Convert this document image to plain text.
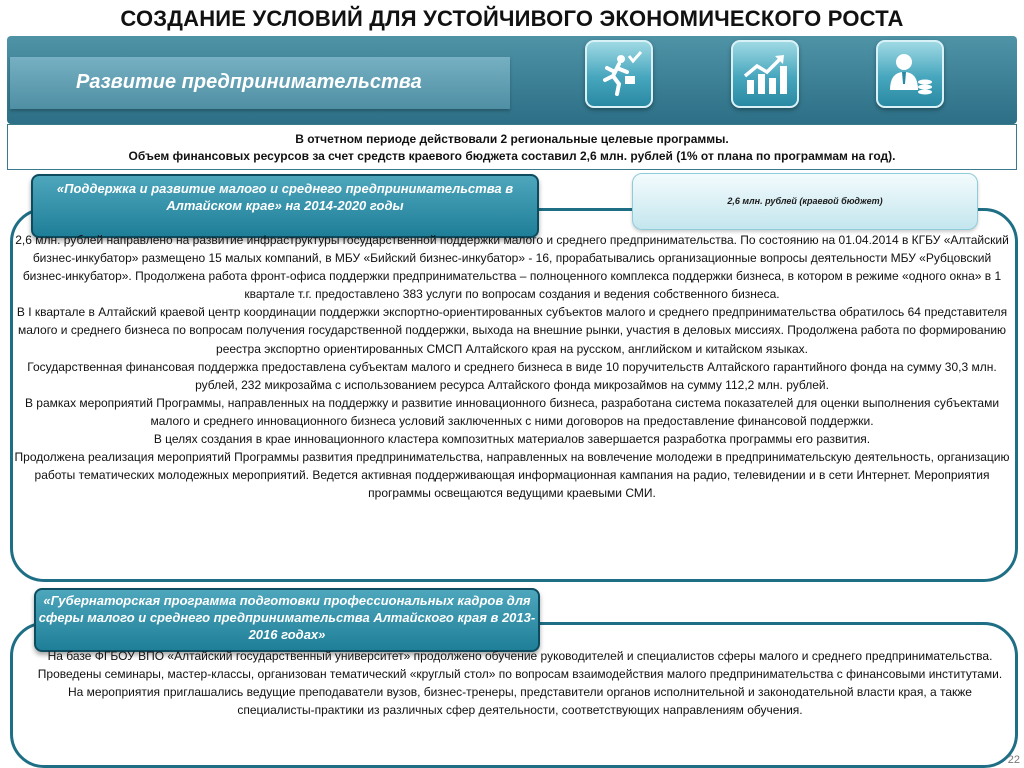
СОЗДАНИЕ УСЛОВИЙ ДЛЯ УСТОЙЧИВОГО ЭКОНОМИЧЕСКОГО РОСТА
Развитие предпринимательства
В отчетном периоде действовали 2 региональные целевые программы.
Объем финансовых ресурсов за счет средств краевого бюджета составил 2,6 млн. рублей (1% от плана по программам на год).
«Поддержка и развитие малого и среднего предпринимательства в Алтайском крае» на 2014-2020 годы	2,6 млн. рублей (краевой бюджет)

2,6 млн. рублей направлено на развитие инфраструктуры государственной поддержки малого и среднего предпринимательства. По состоянию на 01.04.2014 в КГБУ «Алтайский бизнес-инкубатор» размещено 15 малых компаний, в МБУ «Бийский бизнес-инкубатор» - 16, прорабатывались организационные вопросы деятельности МБУ «Рубцовский бизнес-инкубатор». Продолжена работа фронт-офиса поддержки предпринимательства – полноценного комплекса поддержки бизнеса, в котором в режиме «одного окна» в 1 квартале т.г. предоставлено 383 услуги по вопросам создания и ведения собственного бизнеса.

В I квартале в Алтайский краевой центр координации поддержки экспортно-ориентированных субъектов малого и среднего предпринимательства обратилось 64 представителя малого и среднего бизнеса по вопросам получения государственной поддержки, выхода на внешние рынки, участия в деловых миссиях. Продолжена работа по формированию реестра экспортно ориентированных СМСП Алтайского края на русском, английском и китайском языках.

Государственная финансовая поддержка предоставлена субъектам малого и среднего бизнеса в виде 10 поручительств Алтайского гарантийного фонда на сумму 30,3 млн. рублей, 232 микрозайма с использованием ресурса Алтайского фонда микрозаймов на сумму 112,2 млн. рублей.

В рамках мероприятий Программы, направленных на поддержку и развитие инновационного бизнеса, разработана система показателей для оценки выполнения субъектами малого и среднего инновационного бизнеса условий заключенных с ними договоров на предоставление финансовой поддержки.

В целях создания в крае инновационного кластера композитных материалов завершается разработка программы его развития.

Продолжена реализация мероприятий Программы развития предпринимательства, направленных на вовлечение молодежи в предпринимательскую деятельность, организацию работы тематических молодежных мероприятий. Ведется активная поддерживающая информационная кампания на радио, телевидении и в сети Интернет. Мероприятия программы освещаются ведущими краевыми СМИ.

«Губернаторская программа подготовки профессиональных кадров для сферы малого и среднего предпринимательства Алтайского края в 2013-2016 годах»

На базе ФГБОУ ВПО «Алтайский государственный университет» продолжено обучение руководителей и специалистов сферы малого и среднего предпринимательства.

Проведены семинары, мастер-классы, организован тематический «круглый стол» по вопросам взаимодействия малого предпринимательства с финансовыми институтами. На мероприятия приглашались ведущие преподаватели вузов, бизнес-тренеры, представители органов исполнительной и законодательной власти края, а также специалисты-практики из различных сфер деятельности, соответствующих направлениям обучения.

22
